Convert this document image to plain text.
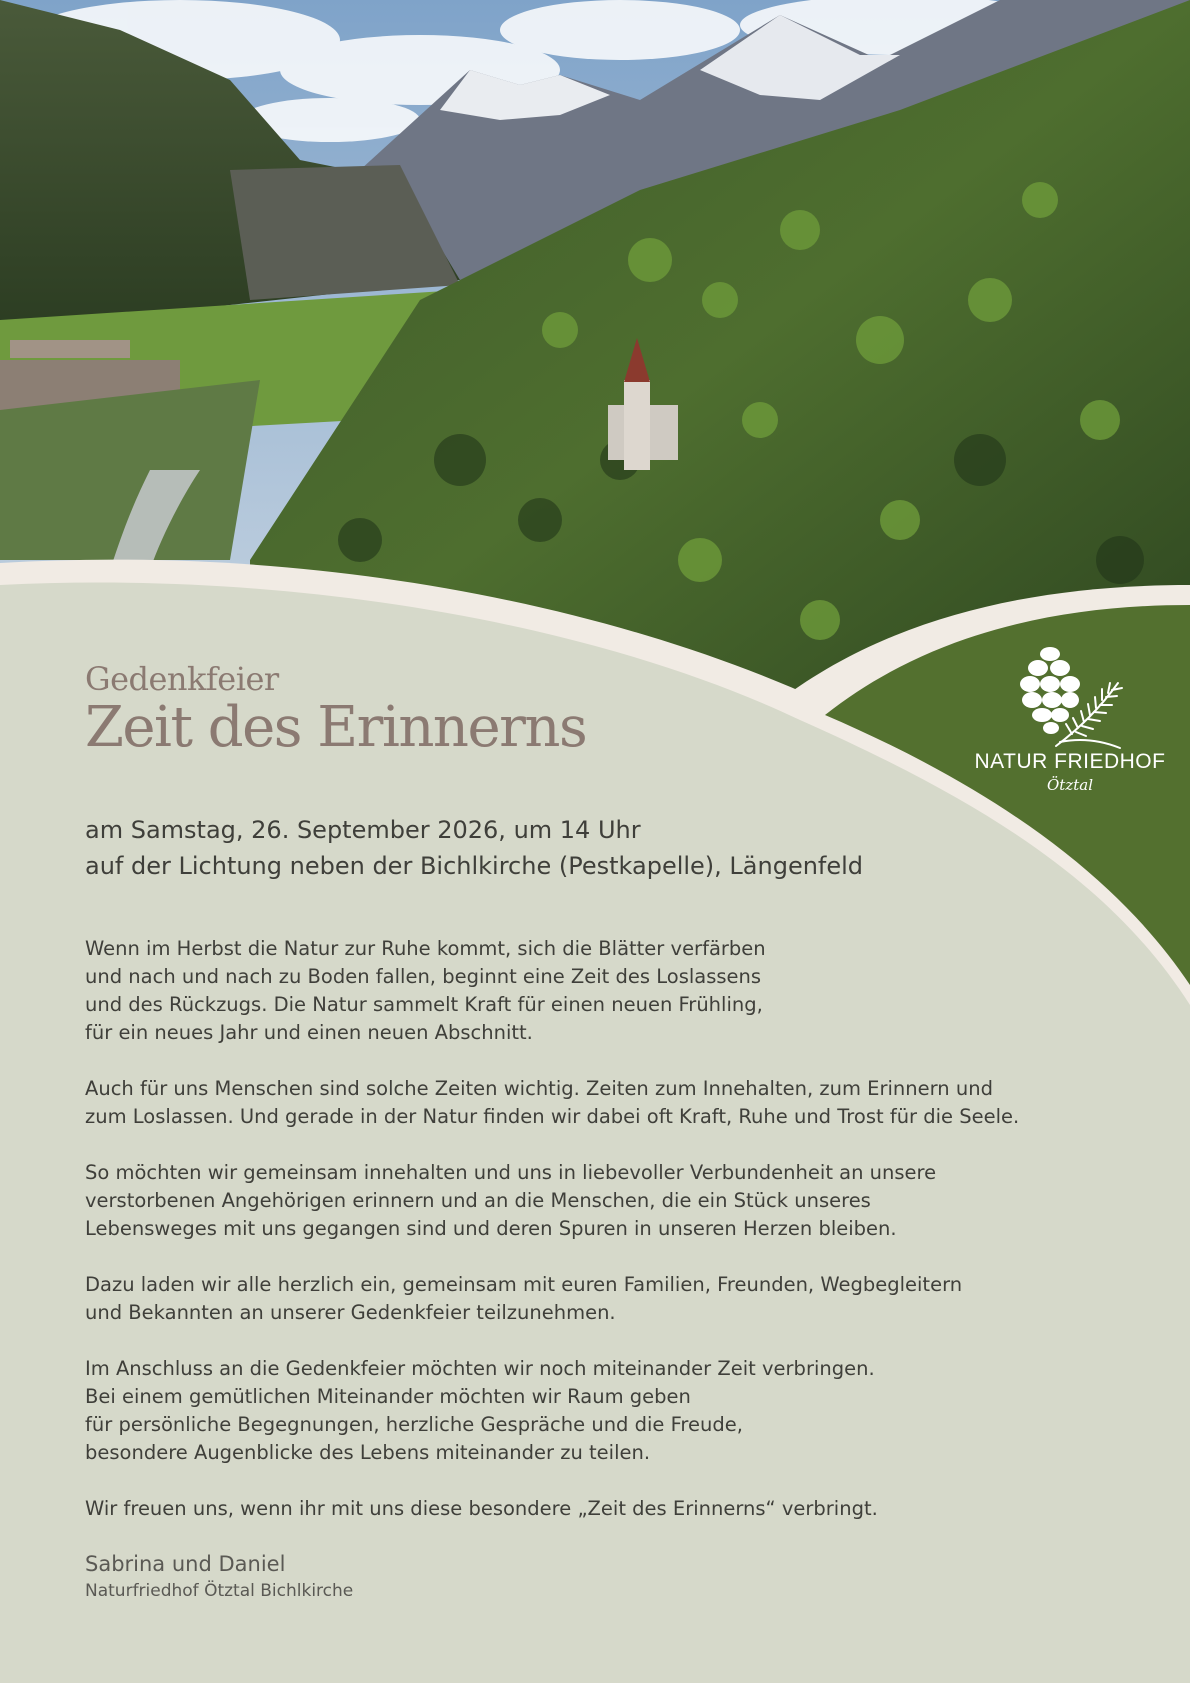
NATUR FRIEDHOF
Ötztal
Gedenkfeier
Zeit des Erinnerns
am Samstag, 26. September 2026, um 14 Uhr
auf der Lichtung neben der Bichlkirche (Pestkapelle), Längenfeld
Wenn im Herbst die Natur zur Ruhe kommt, sich die Blätter verfärben
und nach und nach zu Boden fallen, beginnt eine Zeit des Loslassens
und des Rückzugs. Die Natur sammelt Kraft für einen neuen Frühling,
für ein neues Jahr und einen neuen Abschnitt.
Auch für uns Menschen sind solche Zeiten wichtig. Zeiten zum Innehalten, zum Erinnern und
zum Loslassen. Und gerade in der Natur finden wir dabei oft Kraft, Ruhe und Trost für die Seele.
So möchten wir gemeinsam innehalten und uns in liebevoller Verbundenheit an unsere
verstorbenen Angehörigen erinnern und an die Menschen, die ein Stück unseres
Lebensweges mit uns gegangen sind und deren Spuren in unseren Herzen bleiben.
Dazu laden wir alle herzlich ein, gemeinsam mit euren Familien, Freunden, Wegbegleitern
und Bekannten an unserer Gedenkfeier teilzunehmen.
Im Anschluss an die Gedenkfeier möchten wir noch miteinander Zeit verbringen.
Bei einem gemütlichen Miteinander möchten wir Raum geben
für persönliche Begegnungen, herzliche Gespräche und die Freude,
besondere Augenblicke des Lebens miteinander zu teilen.
Wir freuen uns, wenn ihr mit uns diese besondere „Zeit des Erinnerns“ verbringt.
Sabrina und Daniel
Naturfriedhof Ötztal Bichlkirche
